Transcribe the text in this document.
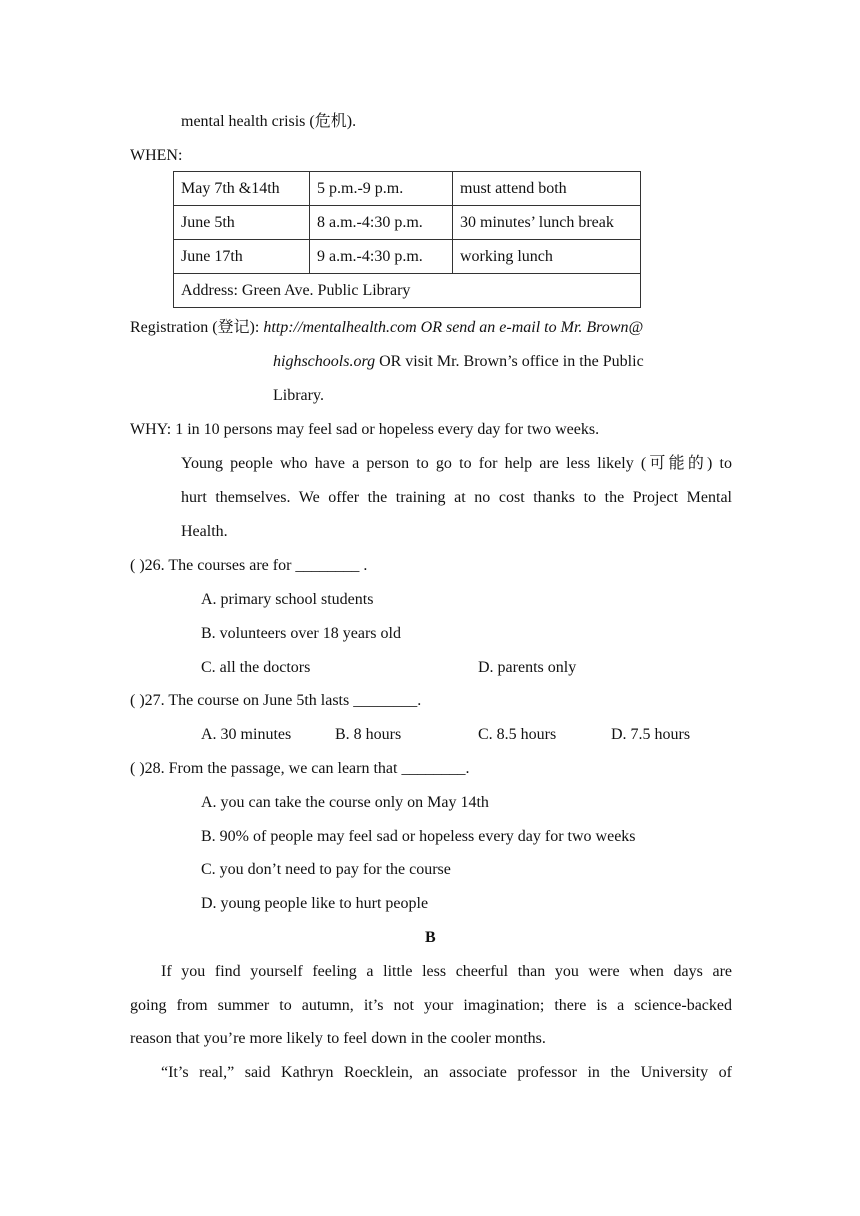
mental health crisis (危机).
WHEN:
May 7th &14th	5 p.m.-9 p.m.	must attend both
June 5th	8 a.m.-4:30 p.m.	30 minutes’ lunch break
June 17th	9 a.m.-4:30 p.m.	working lunch
Address: Green Ave. Public Library		
Registration (登记): http://mentalhealth.com OR send an e-mail to Mr. Brown@
highschools.org OR visit Mr. Brown’s office in the Public
Library.
WHY: 1 in 10 persons may feel sad or hopeless every day for two weeks.
Young people who have a person to go to for help are less likely (可能的) to
hurt themselves. We offer the training at no cost thanks to the Project Mental
Health.
( )26. The courses are for ________ .
A. primary school students
B. volunteers over 18 years old
C. all the doctors	D. parents only
( )27. The course on June 5th lasts ________.
A. 30 minutes	B. 8 hours	C. 8.5 hours	D. 7.5 hours
( )28. From the passage, we can learn that ________.
A. you can take the course only on May 14th
B. 90% of people may feel sad or hopeless every day for two weeks
C. you don’t need to pay for the course
D. young people like to hurt people
B
If you find yourself feeling a little less cheerful than you were when days are
going from summer to autumn, it’s not your imagination; there is a science-backed
reason that you’re more likely to feel down in the cooler months.
“It’s real,” said Kathryn Roecklein, an associate professor in the University of
